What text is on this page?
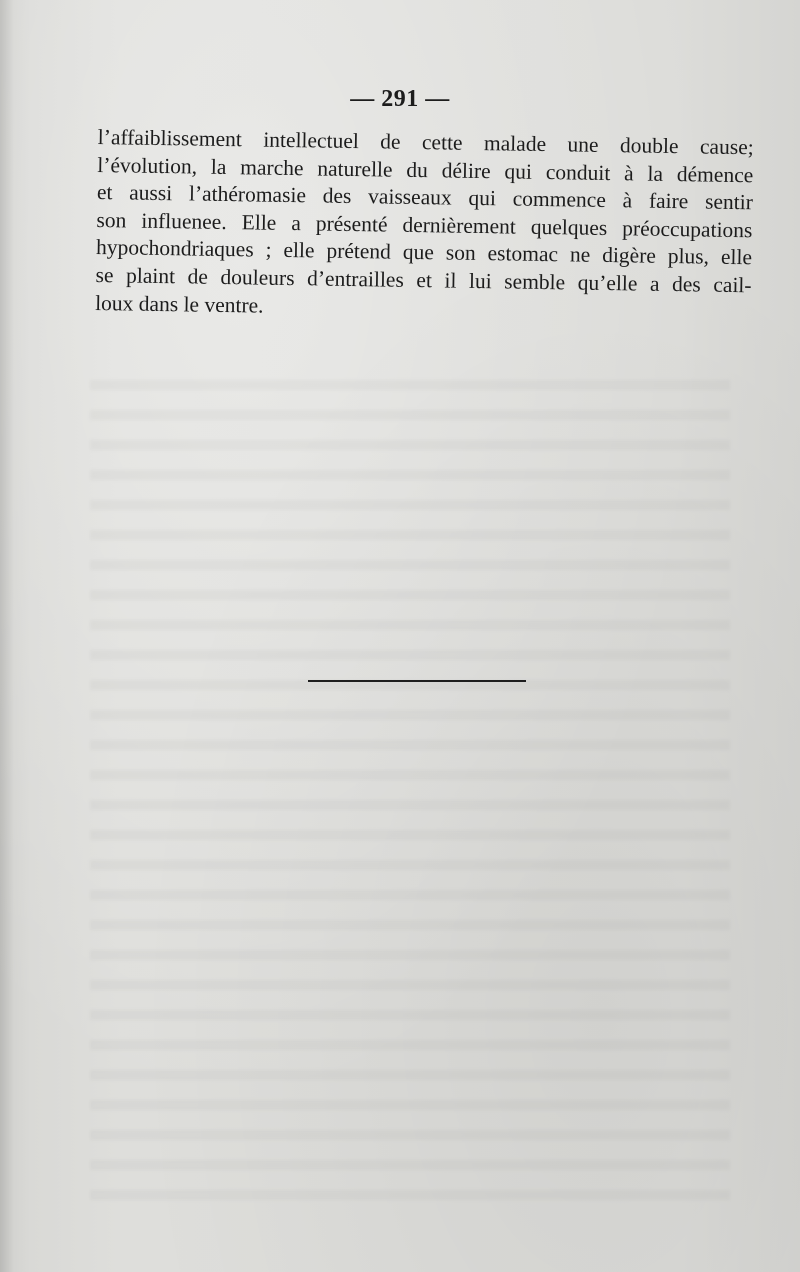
— 291 —

l’affaiblissement intellectuel de cette malade une double cause;
l’évolution, la marche naturelle du délire qui conduit à la démence
et aussi l’athéromasie des vaisseaux qui commence à faire sentir
son influenee. Elle a présenté dernièrement quelques préoccupations
hypochondriaques ; elle prétend que son estomac ne digère plus, elle
se plaint de douleurs d’entrailles et il lui semble qu’elle a des cail-
loux dans le ventre.
